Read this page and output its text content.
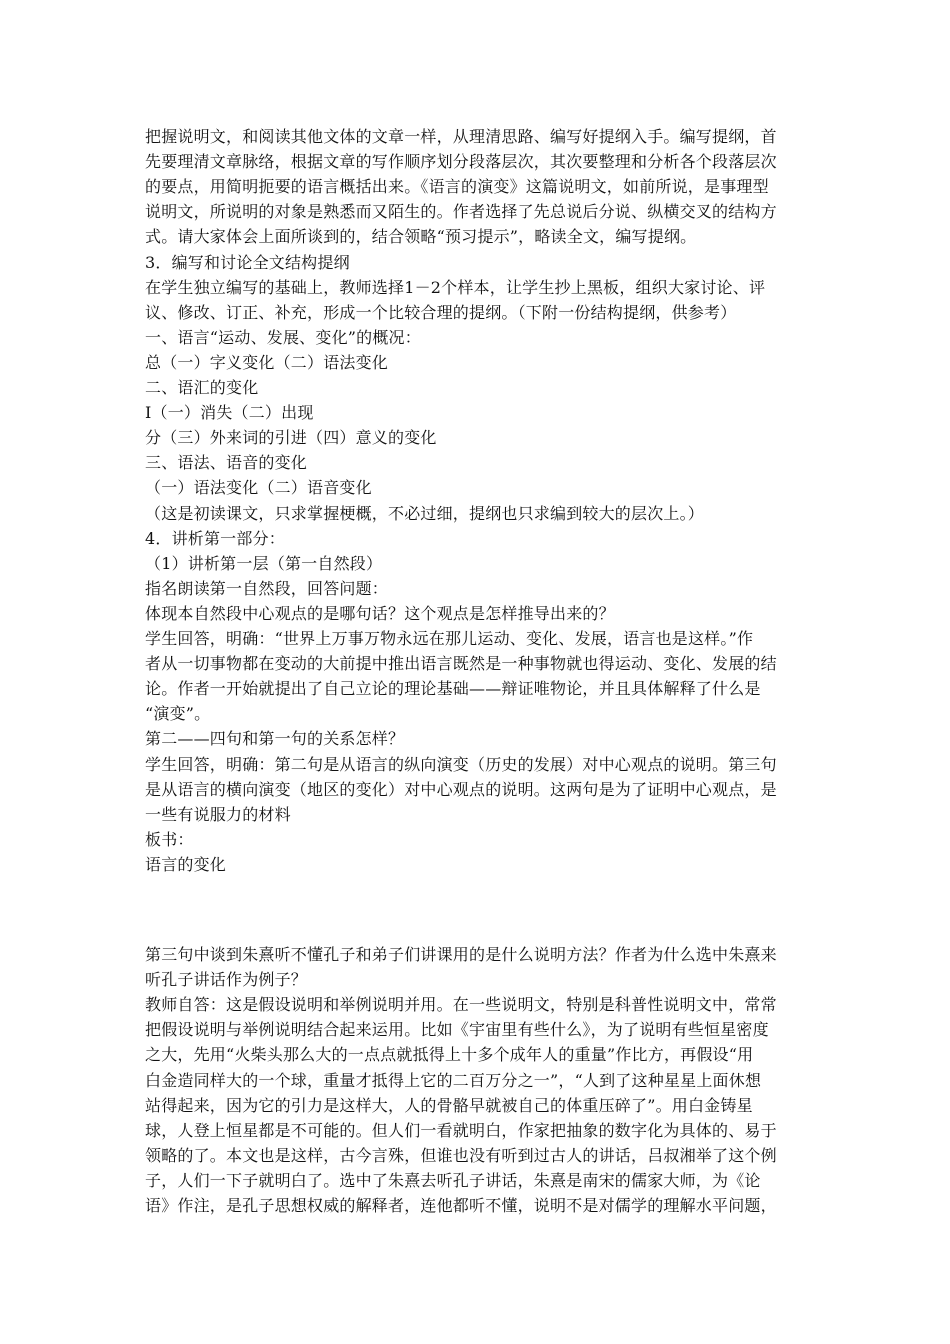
把握说明文，和阅读其他文体的文章一样，从理清思路、编写好提纲入手。编写提纲，首
先要理清文章脉络，根据文章的写作顺序划分段落层次，其次要整理和分析各个段落层次
的要点，用简明扼要的语言概括出来。《语言的演变》这篇说明文，如前所说，是事理型
说明文，所说明的对象是熟悉而又陌生的。作者选择了先总说后分说、纵横交叉的结构方
式。请大家体会上面所谈到的，结合领略“预习提示”，略读全文，编写提纲。
3．编写和讨论全文结构提纲
在学生独立编写的基础上，教师选择1－2个样本，让学生抄上黑板，组织大家讨论、评
议、修改、订正、补充，形成一个比较合理的提纲。（下附一份结构提纲，供参考）
一、语言“运动、发展、变化”的概况：
总（一）字义变化（二）语法变化
二、语汇的变化
Ⅰ（一）消失（二）出现
分（三）外来词的引进（四）意义的变化
三、语法、语音的变化
（一）语法变化（二）语音变化
（这是初读课文，只求掌握梗概，不必过细，提纲也只求编到较大的层次上。）
4．讲析第一部分：
（1）讲析第一层（第一自然段）
指名朗读第一自然段，回答问题：
体现本自然段中心观点的是哪句话？这个观点是怎样推导出来的？
学生回答，明确：“世界上万事万物永远在那儿运动、变化、发展，语言也是这样。”作
者从一切事物都在变动的大前提中推出语言既然是一种事物就也得运动、变化、发展的结
论。作者一开始就提出了自己立论的理论基础——辩证唯物论，并且具体解释了什么是
“演变”。
第二——四句和第一句的关系怎样？
学生回答，明确：第二句是从语言的纵向演变（历史的发展）对中心观点的说明。第三句
是从语言的横向演变（地区的变化）对中心观点的说明。这两句是为了证明中心观点，是
一些有说服力的材料
板书：
语言的变化
第三句中谈到朱熹听不懂孔子和弟子们讲课用的是什么说明方法？作者为什么选中朱熹来
听孔子讲话作为例子？
教师自答：这是假设说明和举例说明并用。在一些说明文，特别是科普性说明文中，常常
把假设说明与举例说明结合起来运用。比如《宇宙里有些什么》，为了说明有些恒星密度
之大，先用“火柴头那么大的一点点就抵得上十多个成年人的重量”作比方，再假设“用
白金造同样大的一个球，重量才抵得上它的二百万分之一”，“人到了这种星星上面休想
站得起来，因为它的引力是这样大，人的骨骼早就被自己的体重压碎了”。用白金铸星
球，人登上恒星都是不可能的。但人们一看就明白，作家把抽象的数字化为具体的、易于
领略的了。本文也是这样，古今言殊，但谁也没有听到过古人的讲话，吕叔湘举了这个例
子，人们一下子就明白了。选中了朱熹去听孔子讲话，朱熹是南宋的儒家大师，为《论
语》作注，是孔子思想权威的解释者，连他都听不懂，说明不是对儒学的理解水平问题，
